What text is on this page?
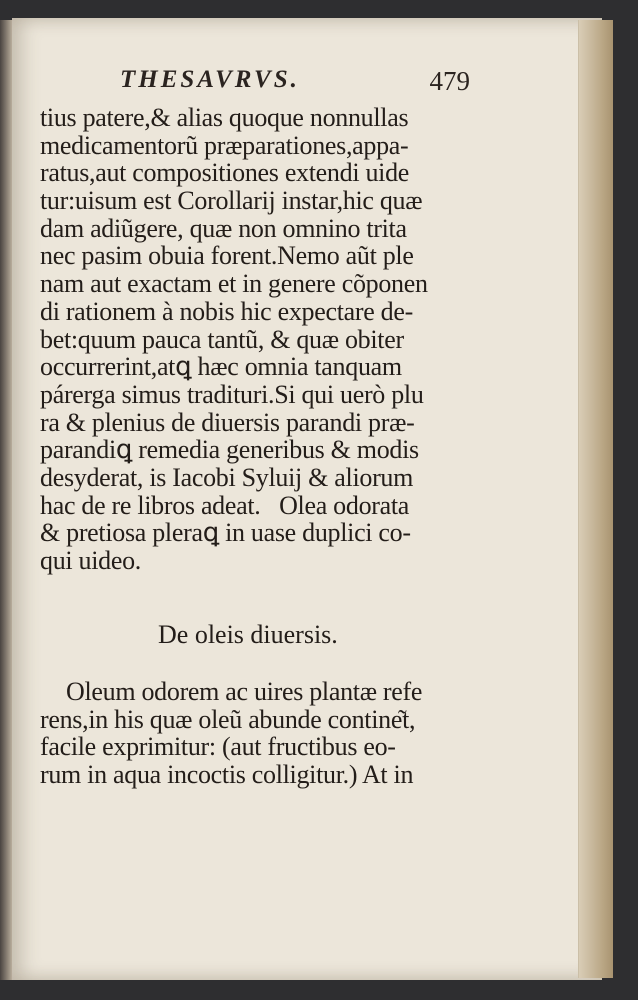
THESAVRVS.	479
tius patere,& alias quoque nonnullas
medicamentorũ præparationes,appa-
ratus,aut compositiones extendi uide
tur:uisum est Corollarij instar,hic quæ
dam adiũgere, quæ non omnino trita
nec pasim obuia forent.Nemo aũt ple
nam aut exactam et in genere cõponen
di rationem à nobis hic expectare de-
bet:quum pauca tantũ, & quæ obiter
occurrerint,atꝗ hæc omnia tanquam
párerga simus tradituri.Si qui uerò plu
ra & plenius de diuersis parandi præ-
parandiꝗ remedia generibus & modis
desyderat, is Iacobi Syluij & aliorum
hac de re libros adeat.   Olea odorata
& pretiosa pleraꝗ in uase duplici co-
qui uideo.
De oleis diuersis.
Oleum odorem ac uires plantæ refe
rens,in his quæ oleũ abunde contine͂t,
facile exprimitur: (aut fructibus eo-
rum in aqua incoctis colligitur.) At in
